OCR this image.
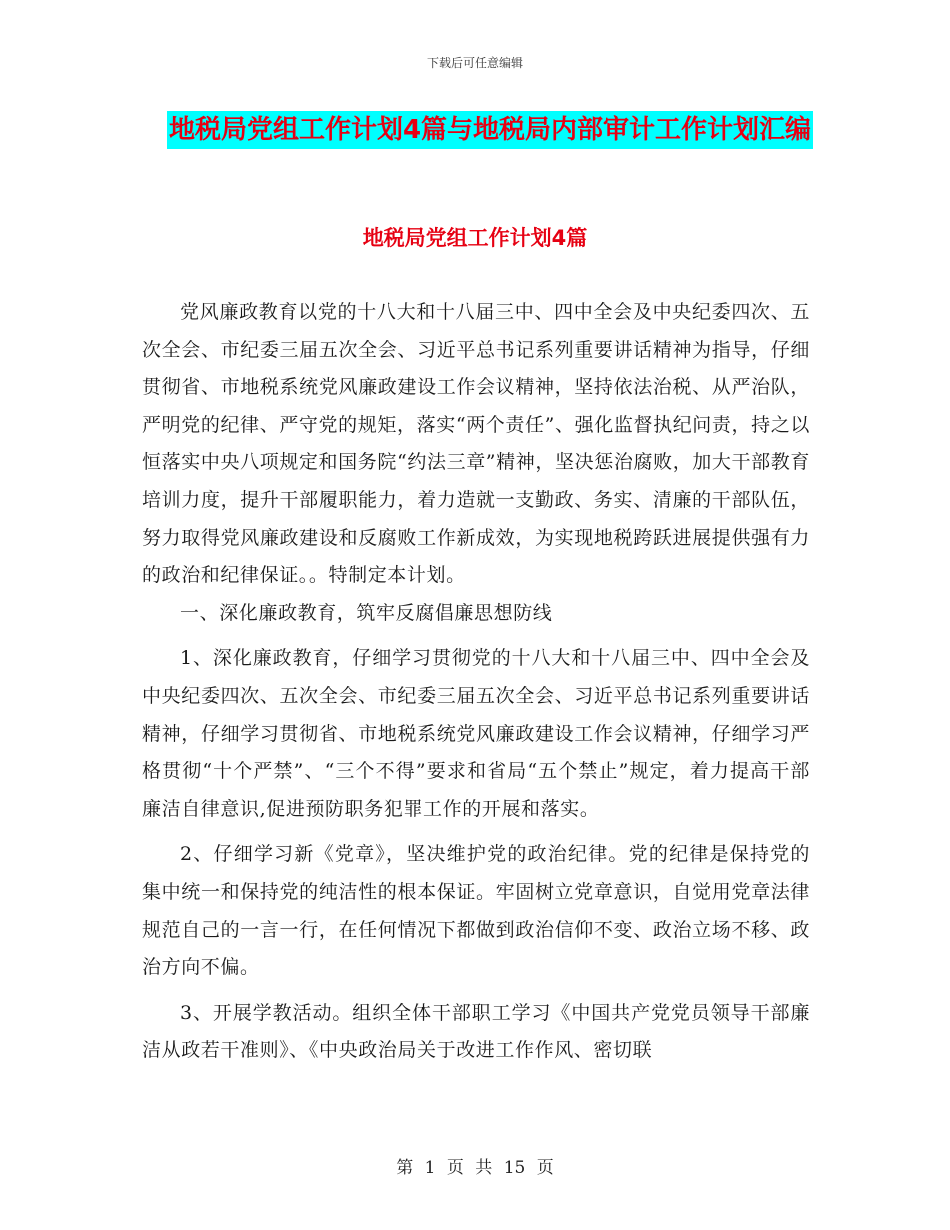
下载后可任意编辑
地税局党组工作计划4篇与地税局内部审计工作计划汇编
地税局党组工作计划4篇

党风廉政教育以党的十八大和十八届三中、四中全会及中央纪委四次、五次全会、市纪委三届五次全会、习近平总书记系列重要讲话精神为指导，仔细贯彻省、市地税系统党风廉政建设工作会议精神，坚持依法治税、从严治队，严明党的纪律、严守党的规矩，落实“两个责任”、强化监督执纪问责，持之以恒落实中央八项规定和国务院“约法三章”精神，坚决惩治腐败，加大干部教育培训力度，提升干部履职能力，着力造就一支勤政、务实、清廉的干部队伍，努力取得党风廉政建设和反腐败工作新成效，为实现地税跨跃进展提供强有力的政治和纪律保证。。特制定本计划。

一、深化廉政教育，筑牢反腐倡廉思想防线

1、深化廉政教育，仔细学习贯彻党的十八大和十八届三中、四中全会及中央纪委四次、五次全会、市纪委三届五次全会、习近平总书记系列重要讲话精神，仔细学习贯彻省、市地税系统党风廉政建设工作会议精神，仔细学习严格贯彻“十个严禁”、“三个不得”要求和省局“五个禁止”规定，着力提高干部廉洁自律意识,促进预防职务犯罪工作的开展和落实。

2、仔细学习新《党章》，坚决维护党的政治纪律。党的纪律是保持党的集中统一和保持党的纯洁性的根本保证。牢固树立党章意识，自觉用党章法律规范自己的一言一行，在任何情况下都做到政治信仰不变、政治立场不移、政治方向不偏。

3、开展学教活动。组织全体干部职工学习《中国共产党党员领导干部廉洁从政若干准则》、《中央政治局关于改进工作作风、密切联

第 1 页 共 15 页
